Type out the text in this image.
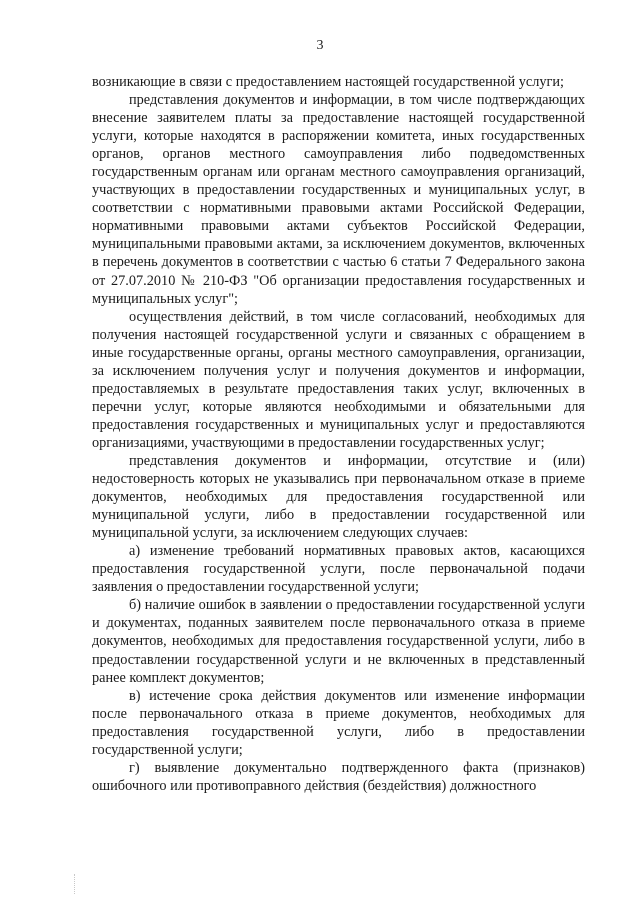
3

возникающие в связи с предоставлением настоящей государственной услуги;

представления документов и информации, в том числе подтверждающих внесение заявителем платы за предоставление настоящей государственной услуги, которые находятся в распоряжении комитета, иных государственных органов, органов местного самоуправления либо подведомственных государственным органам или органам местного самоуправления организаций, участвующих в предоставлении государственных и муниципальных услуг, в соответствии с нормативными правовыми актами Российской Федерации, нормативными правовыми актами субъектов Российской Федерации, муниципальными правовыми актами, за исключением документов, включенных в перечень документов в соответствии с частью 6 статьи 7 Федерального закона от 27.07.2010 № 210-ФЗ "Об организации предоставления государственных и муниципальных услуг";

осуществления действий, в том числе согласований, необходимых для получения настоящей государственной услуги и связанных с обращением в иные государственные органы, органы местного самоуправления, организации, за исключением получения услуг и получения документов и информации, предоставляемых в результате предоставления таких услуг, включенных в перечни услуг, которые являются необходимыми и обязательными для предоставления государственных и муниципальных услуг и предоставляются организациями, участвующими в предоставлении государственных услуг;

представления документов и информации, отсутствие и (или) недостоверность которых не указывались при первоначальном отказе в приеме документов, необходимых для предоставления государственной или муниципальной услуги, либо в предоставлении государственной или муниципальной услуги, за исключением следующих случаев:

а) изменение требований нормативных правовых актов, касающихся предоставления государственной услуги, после первоначальной подачи заявления о предоставлении государственной услуги;

б) наличие ошибок в заявлении о предоставлении государственной услуги и документах, поданных заявителем после первоначального отказа в приеме документов, необходимых для предоставления государственной услуги, либо в предоставлении государственной услуги и не включенных в представленный ранее комплект документов;

в) истечение срока действия документов или изменение информации после первоначального отказа в приеме документов, необходимых для предоставления государственной услуги, либо в предоставлении государственной услуги;

г) выявление документально подтвержденного факта (признаков) ошибочного или противоправного действия (бездействия) должностного
